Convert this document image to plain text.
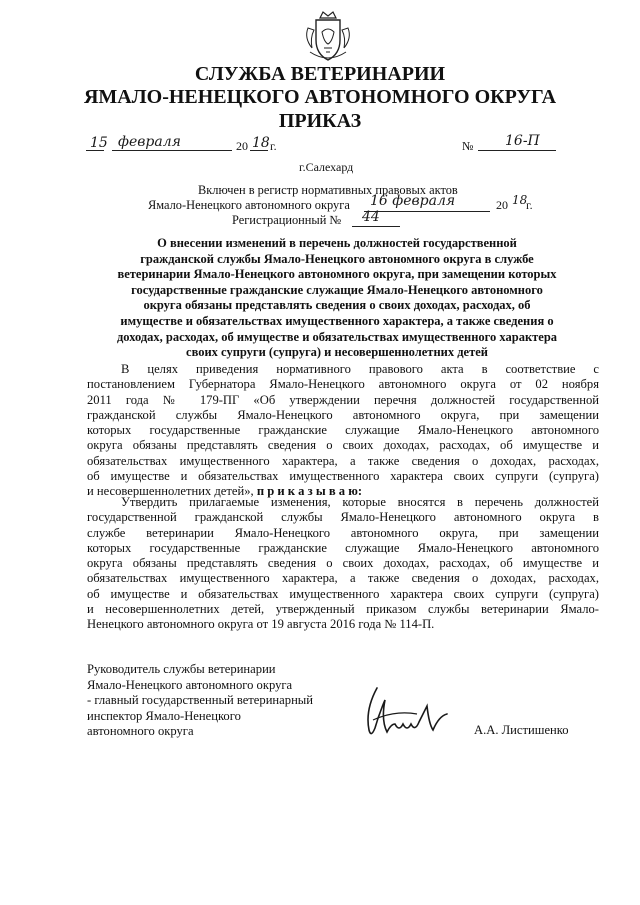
СЛУЖБА ВЕТЕРИНАРИИ
ЯМАЛО-НЕНЕЦКОГО АВТОНОМНОГО ОКРУГА
ПРИКАЗ
15 февраля	20 18 г.	№ 16-П
г.Салехард
Включен в регистр нормативных правовых актов
Ямало-Ненецкого автономного округа 16 февраля	20 18
г.
Регистрационный № 44
О внесении изменений в перечень должностей государственной
гражданской службы Ямало-Ненецкого автономного округа в службе
ветеринарии Ямало-Ненецкого автономного округа, при замещении которых
государственные гражданские служащие Ямало-Ненецкого автономного
округа обязаны представлять сведения о своих доходах, расходах, об
имуществе и обязательствах имущественного характера, а также сведения о
доходах, расходах, об имуществе и обязательствах имущественного характера
своих супруги (супруга) и несовершеннолетних детей
В целях приведения нормативного правового акта в соответствие с
постановлением Губернатора Ямало-Ненецкого автономного округа от 02 ноября
2011 года № 179-ПГ «Об утверждении перечня должностей государственной
гражданской службы Ямало-Ненецкого автономного округа, при замещении
которых государственные гражданские служащие Ямало-Ненецкого автономного
округа обязаны представлять сведения о своих доходах, расходах, об имуществе и
обязательствах имущественного характера, а также сведения о доходах, расходах,
об имуществе и обязательствах имущественного характера своих супруги (супруга)
и несовершеннолетних детей», п р и к а з ы в а ю:
Утвердить прилагаемые изменения, которые вносятся в перечень должностей
государственной гражданской службы Ямало-Ненецкого автономного округа в
службе ветеринарии Ямало-Ненецкого автономного округа, при замещении
которых государственные гражданские служащие Ямало-Ненецкого автономного
округа обязаны представлять сведения о своих доходах, расходах, об имуществе и
обязательствах имущественного характера, а также сведения о доходах, расходах,
об имуществе и обязательствах имущественного характера своих супруги (супруга)
и несовершеннолетних детей, утвержденный приказом службы ветеринарии Ямало-
Ненецкого автономного округа от 19 августа 2016 года № 114-П.
Руководитель службы ветеринарии
Ямало-Ненецкого автономного округа
- главный государственный ветеринарный
инспектор Ямало-Ненецкого
автономного округа	А.А. Листишенко
